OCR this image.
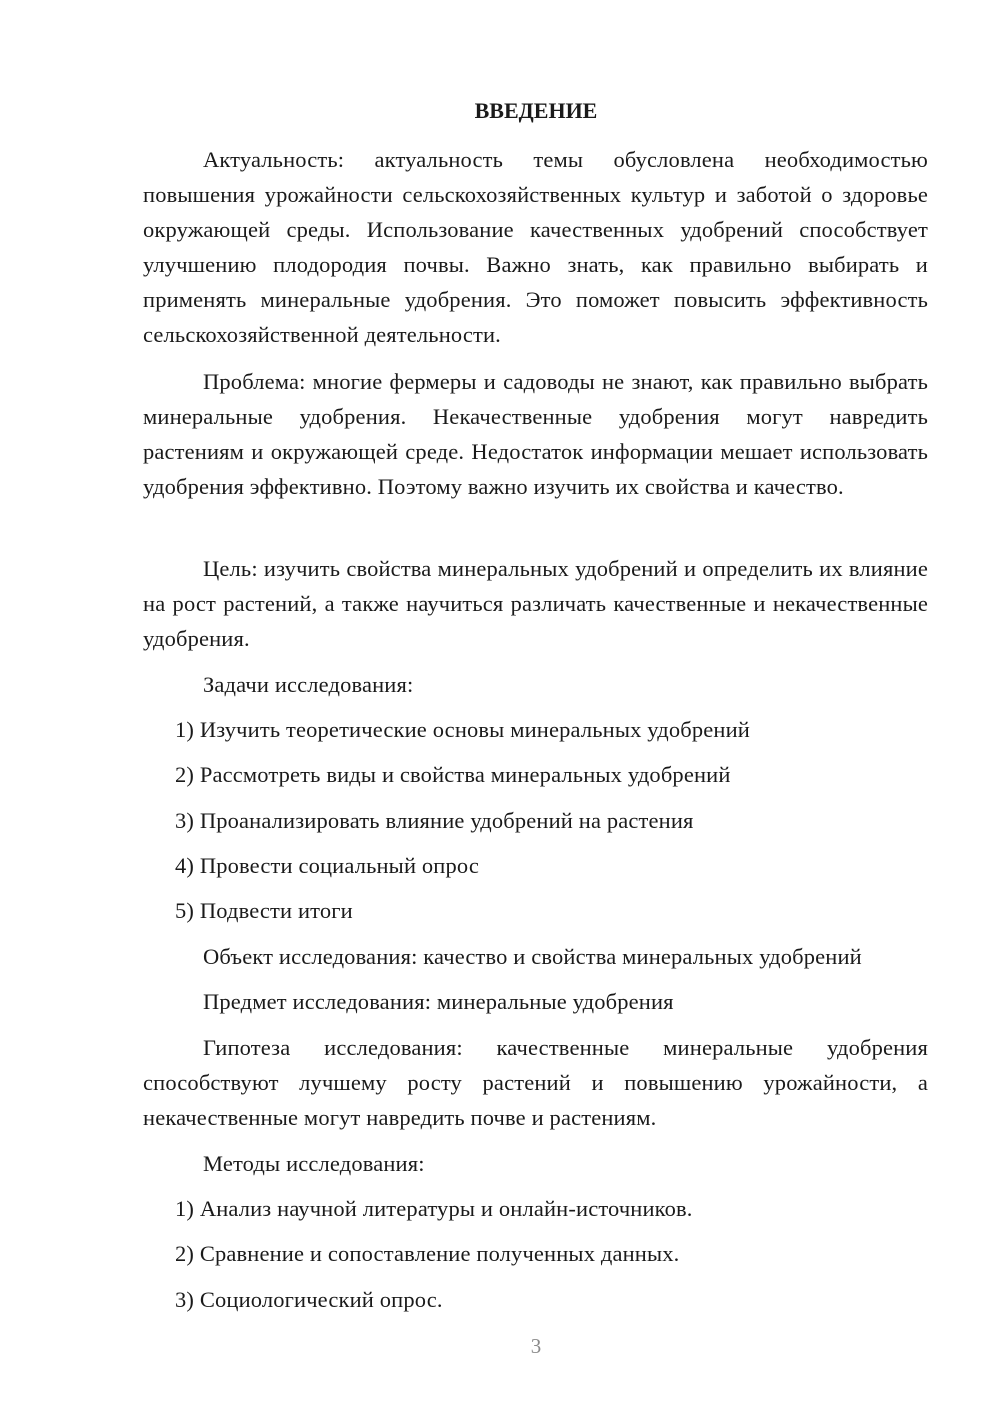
ВВЕДЕНИЕ

Актуальность: актуальность темы обусловлена необходимостью повышения урожайности сельскохозяйственных культур и заботой о здоровье окружающей среды. Использование качественных удобрений способствует улучшению плодородия почвы. Важно знать, как правильно выбирать и применять минеральные удобрения. Это поможет повысить эффективность сельскохозяйственной деятельности.

Проблема: многие фермеры и садоводы не знают, как правильно выбрать минеральные удобрения. Некачественные удобрения могут навредить растениям и окружающей среде. Недостаток информации мешает использовать удобрения эффективно. Поэтому важно изучить их свойства и качество.

Цель: изучить свойства минеральных удобрений и определить их влияние на рост растений, а также научиться различать качественные и некачественные удобрения.

Задачи исследования:

1) Изучить теоретические основы минеральных удобрений

2) Рассмотреть виды и свойства минеральных удобрений

3) Проанализировать влияние удобрений на растения

4) Провести социальный опрос

5) Подвести итоги

Объект исследования: качество и свойства минеральных удобрений

Предмет исследования: минеральные удобрения

Гипотеза исследования: качественные минеральные удобрения способствуют лучшему росту растений и повышению урожайности, а некачественные могут навредить почве и растениям.

Методы исследования:

1) Анализ научной литературы и онлайн-источников.

2) Сравнение и сопоставление полученных данных.

3) Социологический опрос.

3
